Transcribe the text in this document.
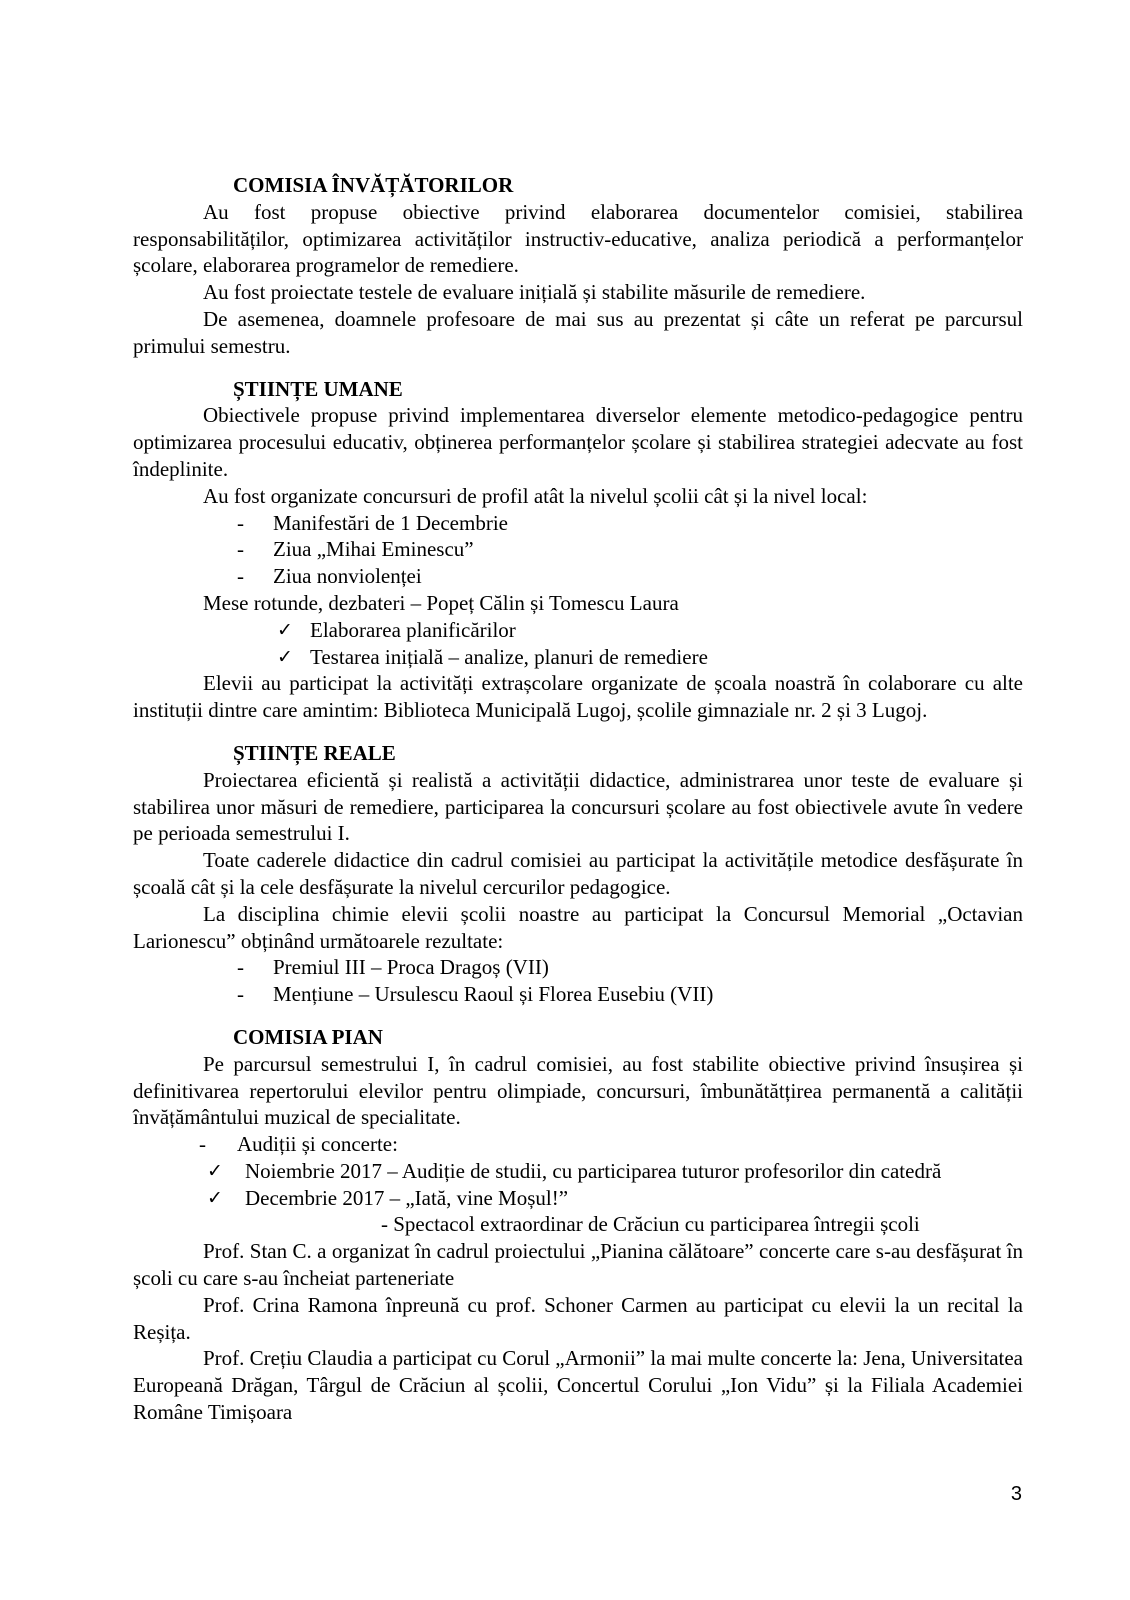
COMISIA ÎNVĂȚĂTORILOR

Au fost propuse obiective privind elaborarea documentelor comisiei, stabilirea responsabilităților, optimizarea activităților instructiv-educative, analiza periodică a performanțelor școlare, elaborarea programelor de remediere.

Au fost proiectate testele de evaluare inițială și stabilite măsurile de remediere.

De asemenea, doamnele profesoare de mai sus au prezentat și câte un referat pe parcursul primului semestru.

ȘTIINȚE UMANE

Obiectivele propuse privind implementarea diverselor elemente metodico-pedagogice pentru optimizarea procesului educativ, obținerea performanțelor școlare și stabilirea strategiei adecvate au fost îndeplinite.

Au fost organizate concursuri de profil atât la nivelul școlii cât și la nivel local:

- Manifestări de 1 Decembrie
- Ziua „Mihai Eminescu”
- Ziua nonviolenței

Mese rotunde, dezbateri – Popeț Călin și Tomescu Laura

✓ Elaborarea planificărilor
✓ Testarea inițială – analize, planuri de remediere

Elevii au participat la activități extrașcolare organizate de școala noastră în colaborare cu alte instituții dintre care amintim: Biblioteca Municipală Lugoj, școlile gimnaziale nr. 2 și 3 Lugoj.

ȘTIINȚE REALE

Proiectarea eficientă și realistă a activității didactice, administrarea unor teste de evaluare și stabilirea unor măsuri de remediere, participarea la concursuri școlare au fost obiectivele avute în vedere pe perioada semestrului I.

Toate caderele didactice din cadrul comisiei au participat la activitățile metodice desfășurate în școală cât și la cele desfășurate la nivelul cercurilor pedagogice.

La disciplina chimie elevii școlii noastre au participat la Concursul Memorial „Octavian Larionescu” obținând următoarele rezultate:

- Premiul III – Proca Dragoș (VII)
- Mențiune – Ursulescu Raoul și Florea Eusebiu (VII)

COMISIA PIAN

Pe parcursul semestrului I, în cadrul comisiei, au fost stabilite obiective privind însușirea și definitivarea repertorului elevilor pentru olimpiade, concursuri, îmbunătătțirea permanentă a calității învățământului muzical de specialitate.

- Audiții și concerte:
✓ Noiembrie 2017 – Audiție de studii, cu participarea tuturor profesorilor din catedră
✓ Decembrie 2017 – „Iată, vine Moșul!”
- Spectacol extraordinar de Crăciun cu participarea întregii școli

Prof. Stan C. a organizat în cadrul proiectului „Pianina călătoare” concerte care s-au desfășurat în școli cu care s-au încheiat parteneriate

Prof. Crina Ramona înpreună cu prof. Schoner Carmen au participat cu elevii la un recital la Reșița.

Prof. Crețiu Claudia a participat cu Corul „Armonii” la mai multe concerte la: Jena, Universitatea Europeană Drăgan, Târgul de Crăciun al școlii, Concertul Corului „Ion Vidu” și la Filiala Academiei Române Timișoara

3
